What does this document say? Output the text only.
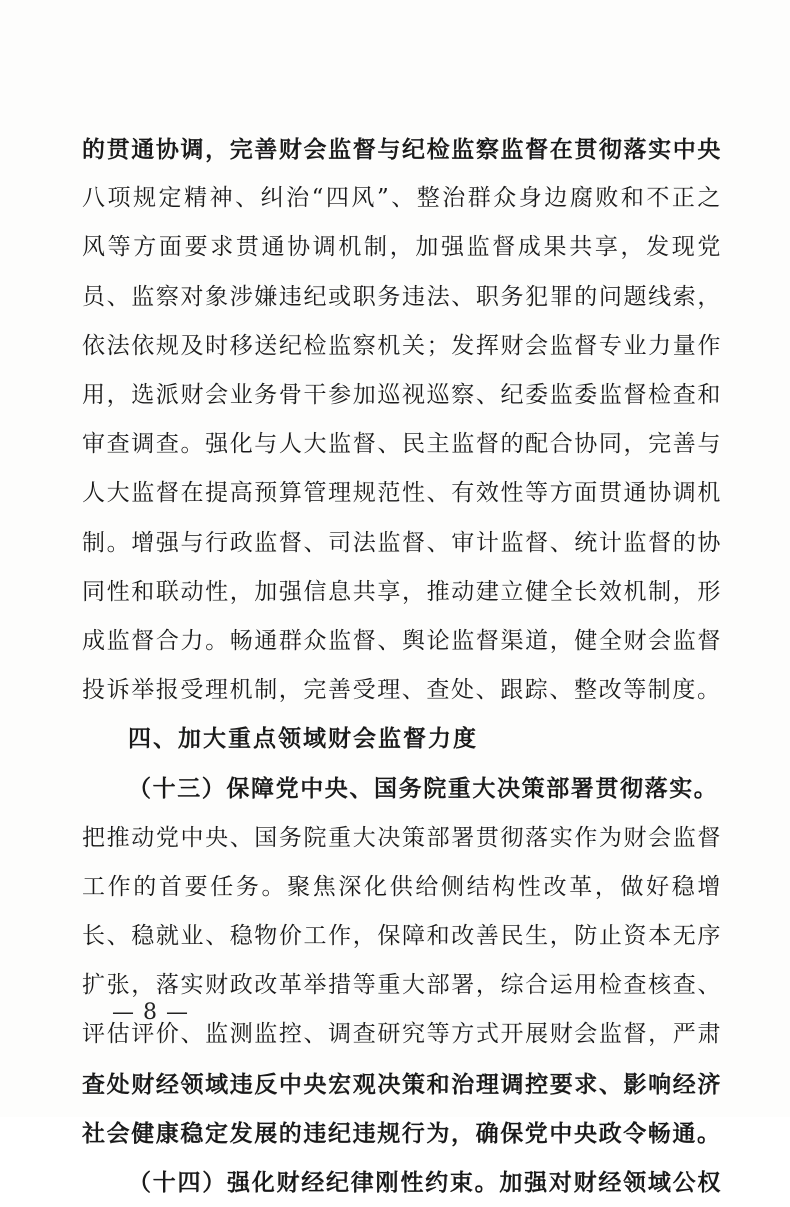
的贯通协调，完善财会监督与纪检监察监督在贯彻落实中央
八项规定精神、纠治“四风”、整治群众身边腐败和不正之
风等方面要求贯通协调机制，加强监督成果共享，发现党
员、监察对象涉嫌违纪或职务违法、职务犯罪的问题线索，
依法依规及时移送纪检监察机关；发挥财会监督专业力量作
用，选派财会业务骨干参加巡视巡察、纪委监委监督检查和
审查调查。强化与人大监督、民主监督的配合协同，完善与
人大监督在提高预算管理规范性、有效性等方面贯通协调机
制。增强与行政监督、司法监督、审计监督、统计监督的协
同性和联动性，加强信息共享，推动建立健全长效机制，形
成监督合力。畅通群众监督、舆论监督渠道，健全财会监督
投诉举报受理机制，完善受理、查处、跟踪、整改等制度。
四、加大重点领域财会监督力度
（十三）保障党中央、国务院重大决策部署贯彻落实。
把推动党中央、国务院重大决策部署贯彻落实作为财会监督
工作的首要任务。聚焦深化供给侧结构性改革，做好稳增
长、稳就业、稳物价工作，保障和改善民生，防止资本无序
扩张，落实财政改革举措等重大部署，综合运用检查核查、
评估评价、监测监控、调查研究等方式开展财会监督，严肃
查处财经领域违反中央宏观决策和治理调控要求、影响经济
社会健康稳定发展的违纪违规行为，确保党中央政令畅通。
（十四）强化财经纪律刚性约束。加强对财经领域公权
— 8 —
